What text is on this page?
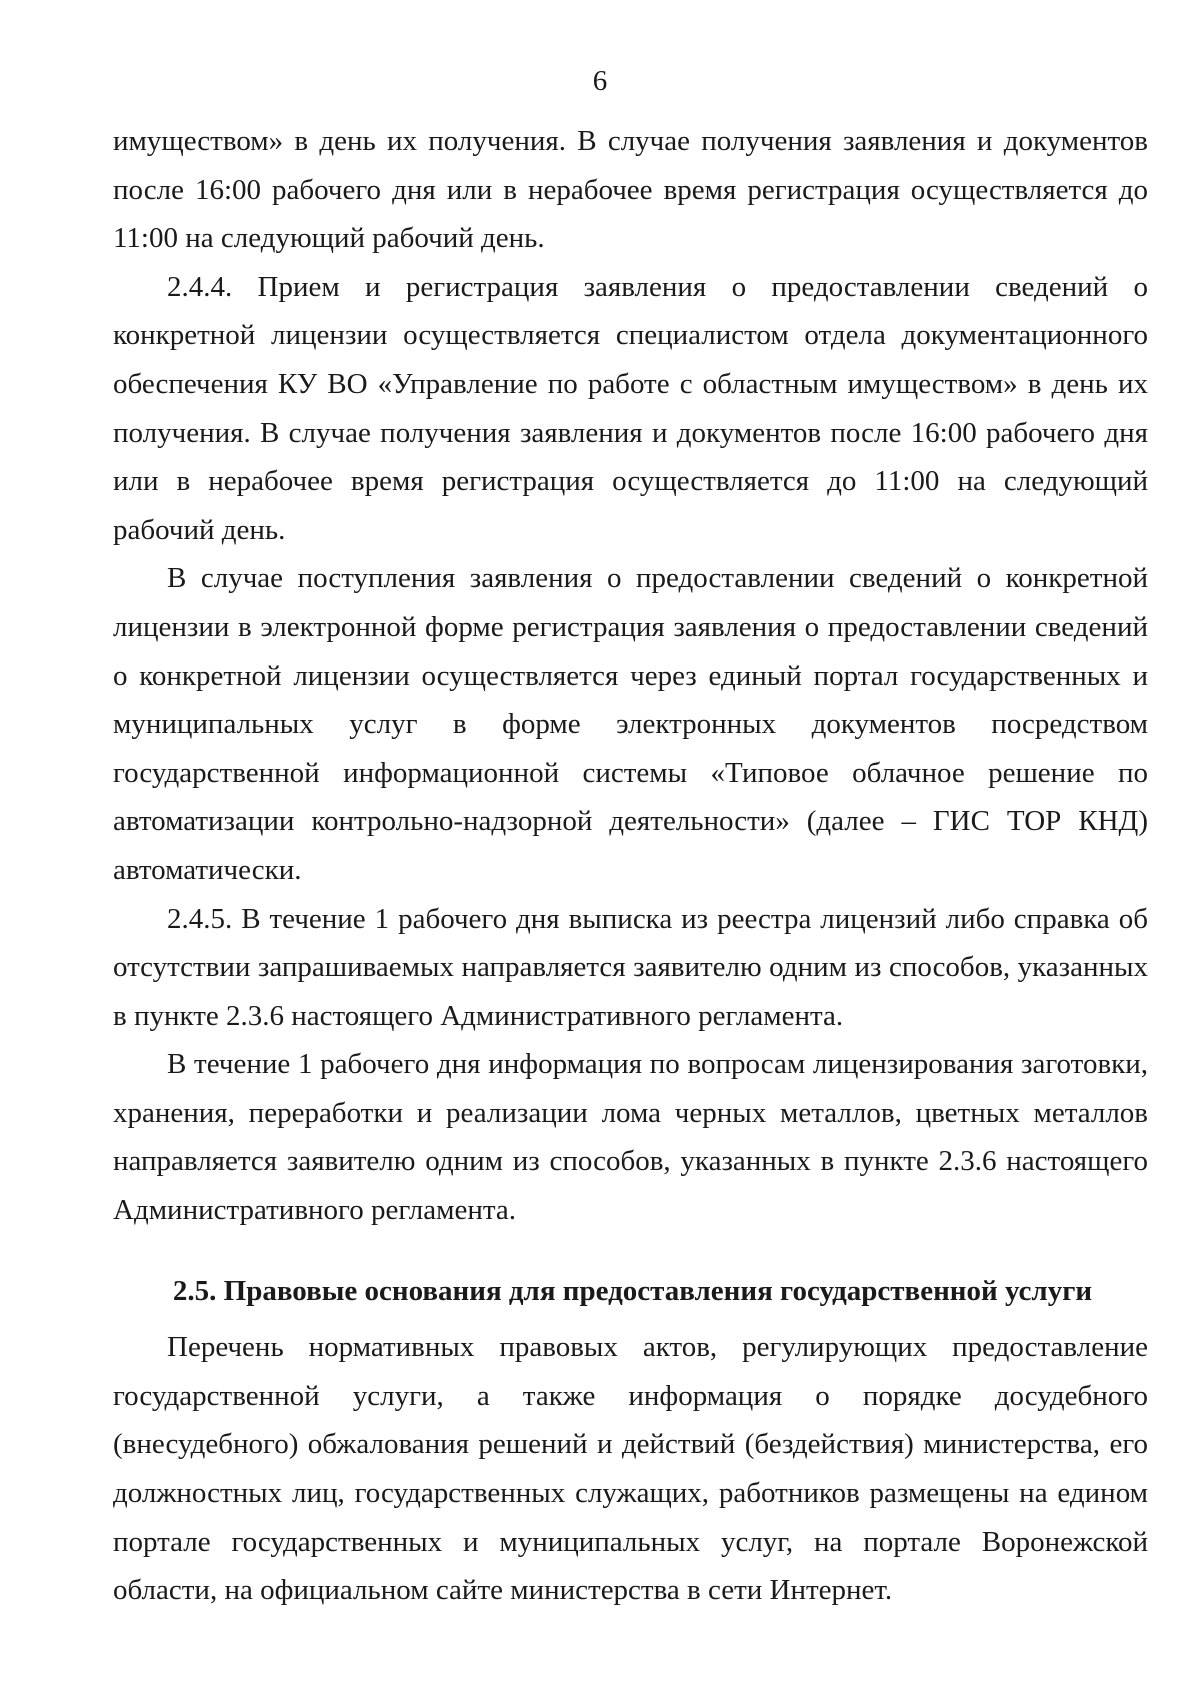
6

имуществом» в день их получения. В случае получения заявления и документов после 16:00 рабочего дня или в нерабочее время регистрация осуществляется до 11:00 на следующий рабочий день.

2.4.4. Прием и регистрация заявления о предоставлении сведений о конкретной лицензии осуществляется специалистом отдела документационного обеспечения КУ ВО «Управление по работе с областным имуществом» в день их получения. В случае получения заявления и документов после 16:00 рабочего дня или в нерабочее время регистрация осуществляется до 11:00 на следующий рабочий день.

В случае поступления заявления о предоставлении сведений о конкретной лицензии в электронной форме регистрация заявления о предоставлении сведений о конкретной лицензии осуществляется через единый портал государственных и муниципальных услуг в форме электронных документов посредством государственной информационной системы «Типовое облачное решение по автоматизации контрольно-надзорной деятельности» (далее – ГИС ТОР КНД) автоматически.

2.4.5. В течение 1 рабочего дня выписка из реестра лицензий либо справка об отсутствии запрашиваемых направляется заявителю одним из способов, указанных в пункте 2.3.6 настоящего Административного регламента.

В течение 1 рабочего дня информация по вопросам лицензирования заготовки, хранения, переработки и реализации лома черных металлов, цветных металлов направляется заявителю одним из способов, указанных в пункте 2.3.6 настоящего Административного регламента.

2.5. Правовые основания для предоставления государственной услуги

Перечень нормативных правовых актов, регулирующих предоставление государственной услуги, а также информация о порядке досудебного (внесудебного) обжалования решений и действий (бездействия) министерства, его должностных лиц, государственных служащих, работников размещены на едином портале государственных и муниципальных услуг, на портале Воронежской области, на официальном сайте министерства в сети Интернет.
